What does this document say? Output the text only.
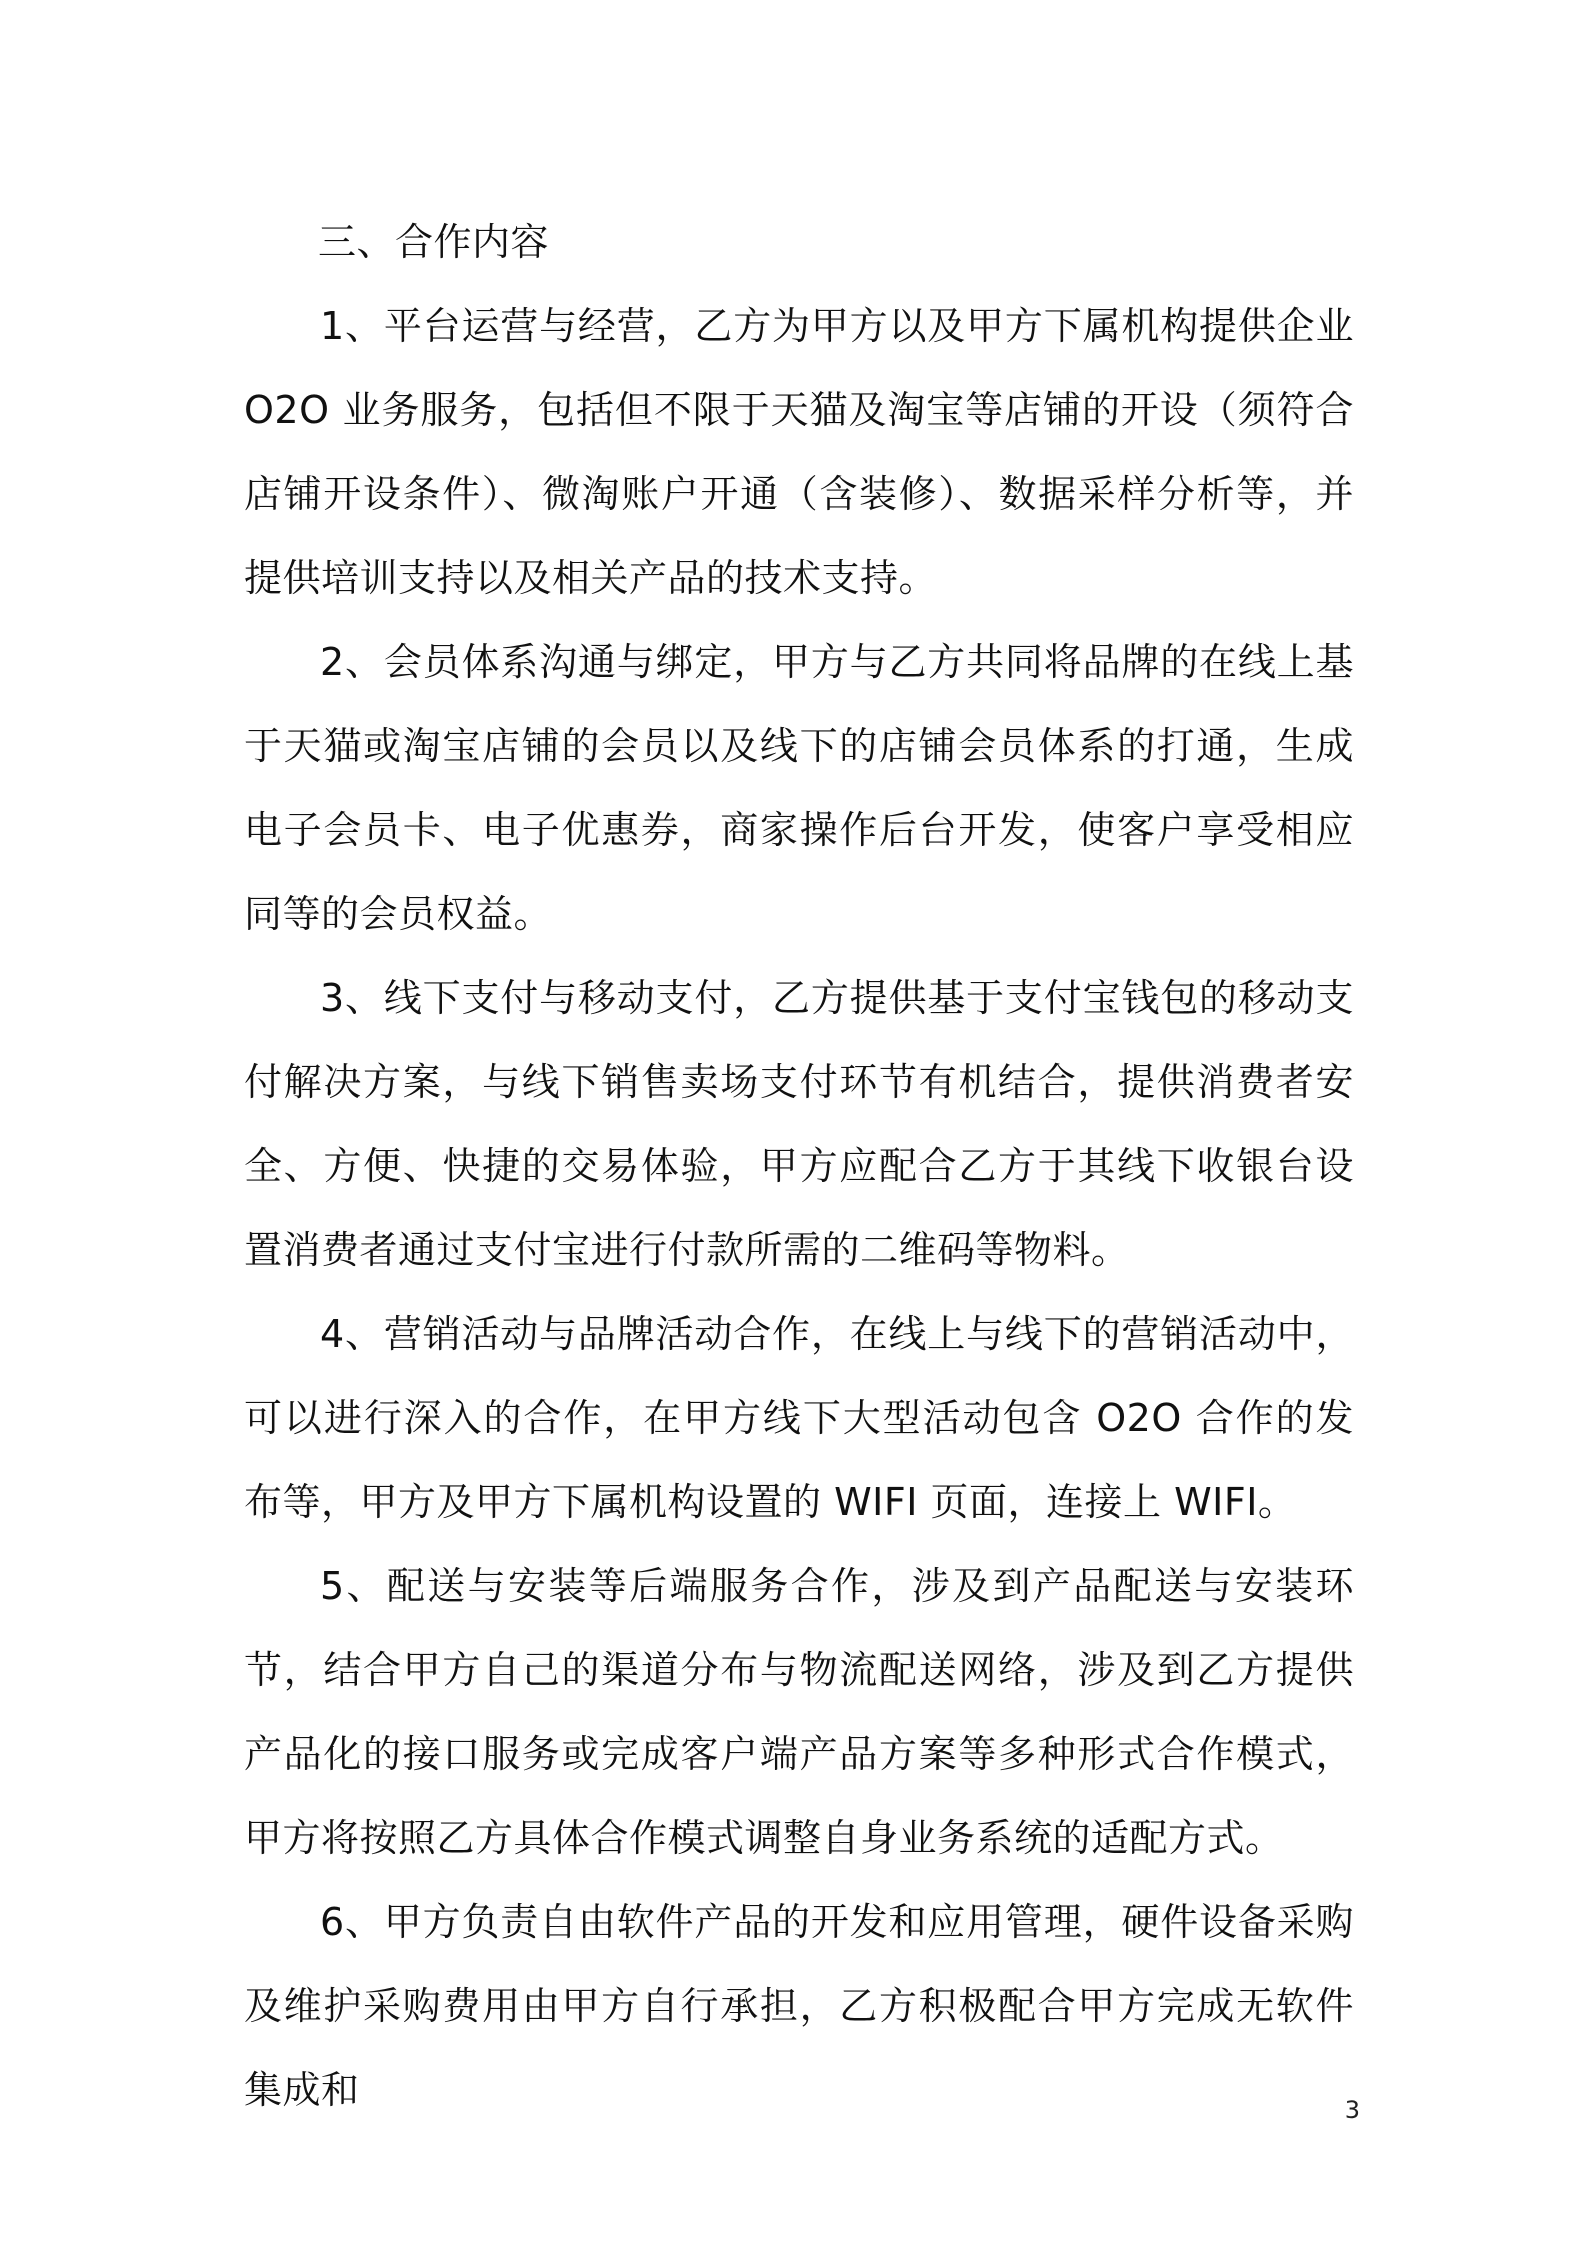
三、合作内容

1、平台运营与经营，乙方为甲方以及甲方下属机构提供企业 O2O 业务服务，包括但不限于天猫及淘宝等店铺的开设（须符合店铺开设条件）、微淘账户开通（含装修）、数据采样分析等，并提供培训支持以及相关产品的技术支持。

2、会员体系沟通与绑定，甲方与乙方共同将品牌的在线上基于天猫或淘宝店铺的会员以及线下的店铺会员体系的打通，生成电子会员卡、电子优惠券，商家操作后台开发，使客户享受相应同等的会员权益。

3、线下支付与移动支付，乙方提供基于支付宝钱包的移动支付解决方案，与线下销售卖场支付环节有机结合，提供消费者安全、方便、快捷的交易体验，甲方应配合乙方于其线下收银台设置消费者通过支付宝进行付款所需的二维码等物料。

4、营销活动与品牌活动合作，在线上与线下的营销活动中，可以进行深入的合作，在甲方线下大型活动包含 O2O 合作的发布等，甲方及甲方下属机构设置的 WIFI 页面，连接上 WIFI。

5、配送与安装等后端服务合作，涉及到产品配送与安装环节，结合甲方自己的渠道分布与物流配送网络，涉及到乙方提供产品化的接口服务或完成客户端产品方案等多种形式合作模式，甲方将按照乙方具体合作模式调整自身业务系统的适配方式。

6、甲方负责自由软件产品的开发和应用管理，硬件设备采购及维护采购费用由甲方自行承担，乙方积极配合甲方完成无软件集成和	3
